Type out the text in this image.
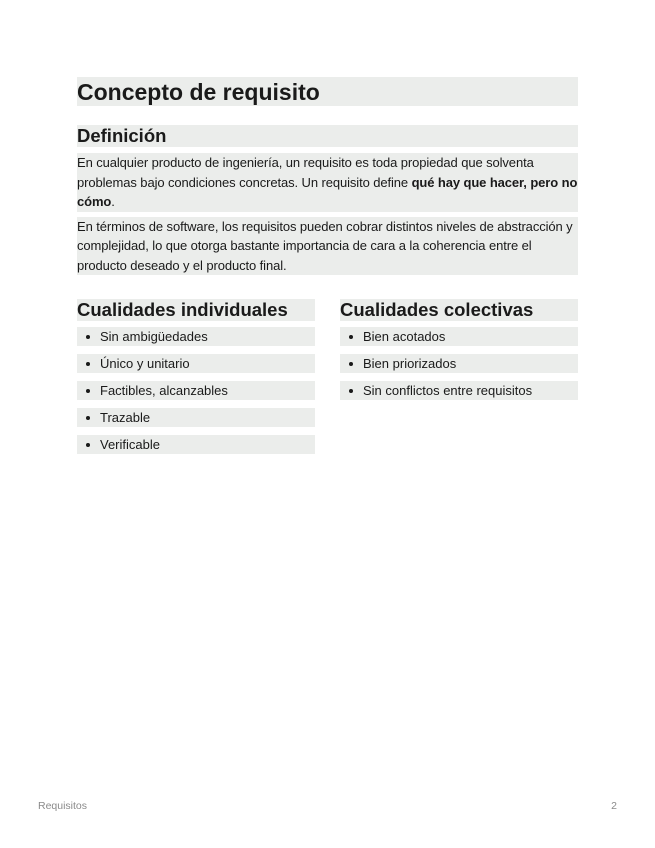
Concepto de requisito
Definición
En cualquier producto de ingeniería, un requisito es toda propiedad que solventa problemas bajo condiciones concretas. Un requisito define qué hay que hacer, pero no cómo.
En términos de software, los requisitos pueden cobrar distintos niveles de abstracción y complejidad, lo que otorga bastante importancia de cara a la coherencia entre el producto deseado y el producto final.
Cualidades individuales
Sin ambigüedades
Único y unitario
Factibles, alcanzables
Trazable
Verificable
Cualidades colectivas
Bien acotados
Bien priorizados
Sin conflictos entre requisitos
Requisitos	2
